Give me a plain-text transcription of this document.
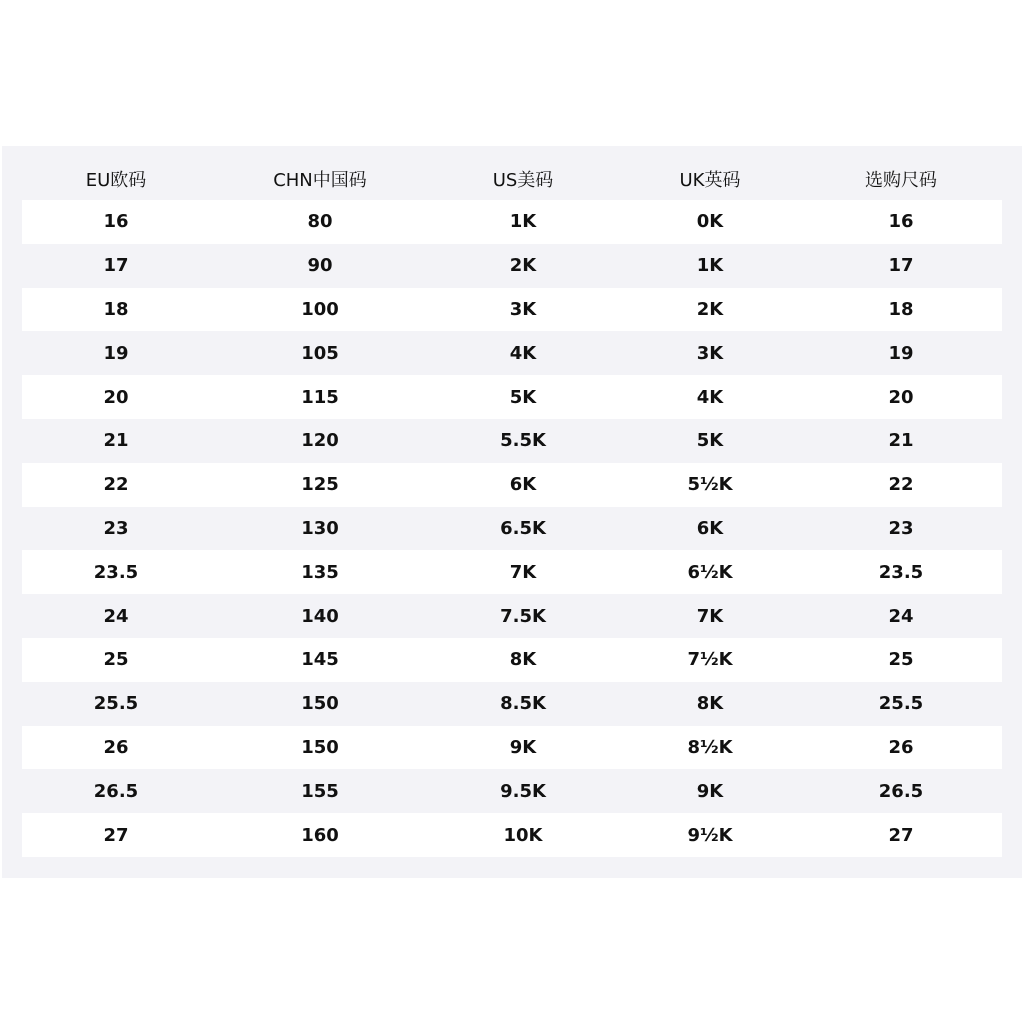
EU欧码	CHN中国码	US美码	UK英码	选购尺码
16	80	1K	0K	16
17	90	2K	1K	17
18	100	3K	2K	18
19	105	4K	3K	19
20	115	5K	4K	20
21	120	5.5K	5K	21
22	125	6K	5½K	22
23	130	6.5K	6K	23
23.5	135	7K	6½K	23.5
24	140	7.5K	7K	24
25	145	8K	7½K	25
25.5	150	8.5K	8K	25.5
26	150	9K	8½K	26
26.5	155	9.5K	9K	26.5
27	160	10K	9½K	27
